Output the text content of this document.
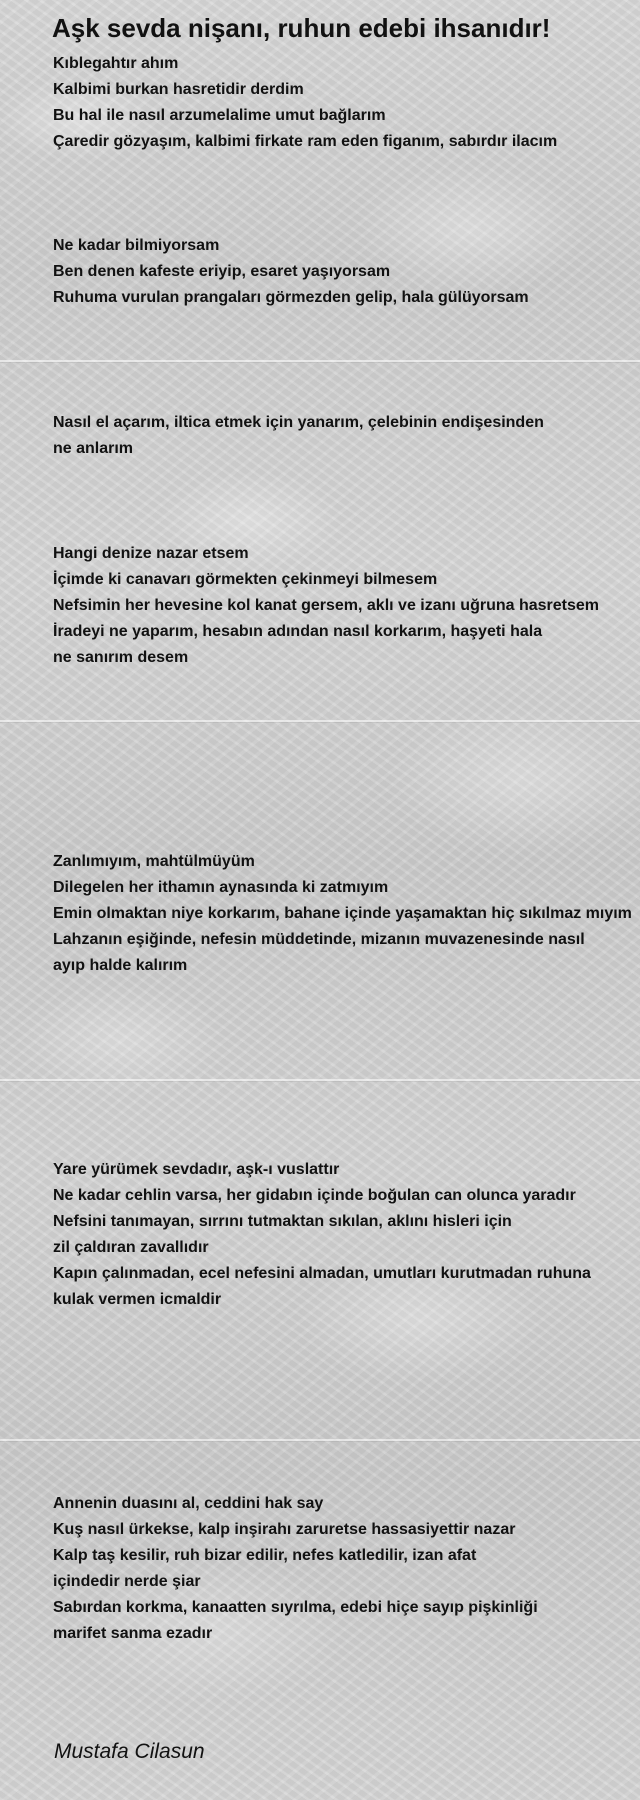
Aşk sevda nişanı, ruhun edebi ihsanıdır!
Kıblegahtır ahım
Kalbimi burkan hasretidir derdim
Bu hal ile nasıl arzumelalime umut bağlarım
Çaredir gözyaşım, kalbimi firkate ram eden figanım, sabırdır ilacım
Ne kadar bilmiyorsam
Ben denen kafeste eriyip, esaret yaşıyorsam
Ruhuma vurulan prangaları görmezden gelip, hala gülüyorsam
Nasıl el açarım, iltica etmek için yanarım, çelebinin endişesinden
ne anlarım
Hangi denize nazar etsem
İçimde ki canavarı görmekten çekinmeyi bilmesem
Nefsimin her hevesine kol kanat gersem, aklı ve izanı uğruna hasretsem
İradeyi ne yaparım, hesabın adından nasıl korkarım, haşyeti hala
ne sanırım desem
Zanlımıyım, mahtülmüyüm
Dilegelen her ithamın aynasında ki zatmıyım
Emin olmaktan niye korkarım, bahane içinde yaşamaktan hiç sıkılmaz mıyım
Lahzanın eşiğinde, nefesin müddetinde, mizanın muvazenesinde nasıl
ayıp halde kalırım
Yare yürümek sevdadır, aşk-ı vuslattır
Ne kadar cehlin varsa, her gidabın içinde boğulan can olunca yaradır
Nefsini tanımayan, sırrını tutmaktan sıkılan, aklını hisleri için
zil çaldıran zavallıdır
Kapın çalınmadan, ecel nefesini almadan, umutları kurutmadan ruhuna
kulak vermen icmaldir
Annenin duasını al, ceddini hak say
Kuş nasıl ürkekse, kalp inşirahı zaruretse hassasiyettir nazar
Kalp taş kesilir, ruh bizar edilir, nefes katledilir, izan afat
içindedir nerde şiar
Sabırdan korkma, kanaatten sıyrılma, edebi hiçe sayıp pişkinliği
marifet sanma ezadır

Mustafa Cilasun
